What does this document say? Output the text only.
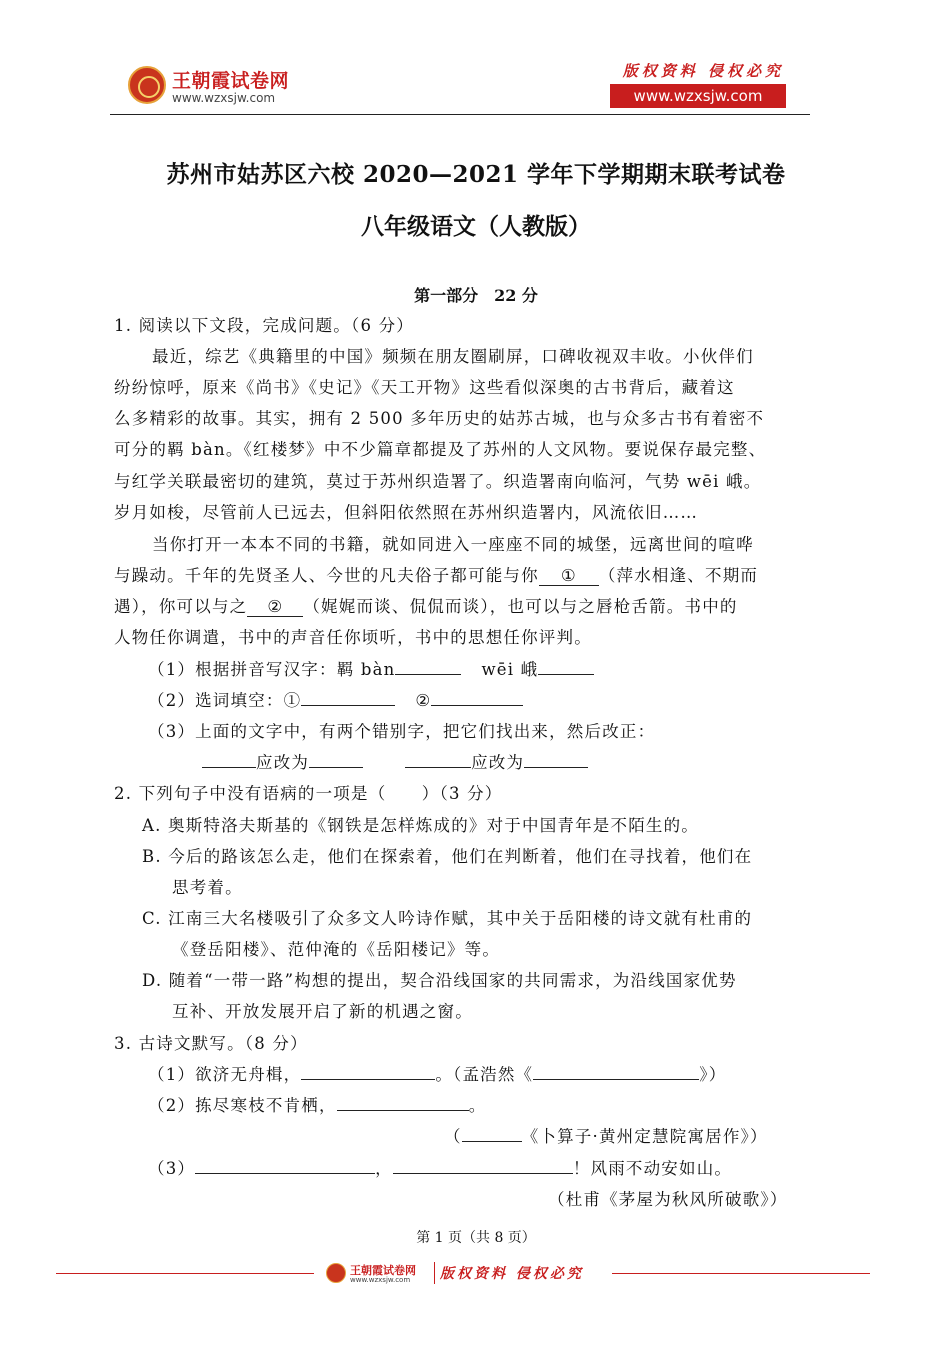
王朝霞试卷网
www.wzxsjw.com
版权资料 侵权必究
www.wzxsjw.com
苏州市姑苏区六校 2020—2021 学年下学期期末联考试卷
八年级语文（人教版）
第一部分　22 分
1. 阅读以下文段，完成问题。（6 分）
最近，综艺《典籍里的中国》频频在朋友圈刷屏，口碑收视双丰收。小伙伴们
纷纷惊呼，原来《尚书》《史记》《天工开物》这些看似深奥的古书背后，藏着这
么多精彩的故事。其实，拥有 2 500 多年历史的姑苏古城，也与众多古书有着密不
可分的羁 bàn。《红楼梦》中不少篇章都提及了苏州的人文风物。要说保存最完整、
与红学关联最密切的建筑，莫过于苏州织造署了。织造署南向临河，气势 wēi 峨。
岁月如梭，尽管前人已远去，但斜阳依然照在苏州织造署内，风流依旧……
当你打开一本本不同的书籍，就如同进入一座座不同的城堡，远离世间的喧哗
与躁动。千年的先贤圣人、今世的凡夫俗子都可能与你 ① （萍水相逢、不期而
遇），你可以与之 ② （娓娓而谈、侃侃而谈），也可以与之唇枪舌箭。书中的
人物任你调遣，书中的声音任你顷听，书中的思想任你评判。
（1）根据拼音写汉字：羁 bàn	wēi 峨
（2）选词填空：①	②
（3）上面的文字中，有两个错别字，把它们找出来，然后改正：
应改为	应改为
2. 下列句子中没有语病的一项是（　　）（3 分）
A. 奥斯特洛夫斯基的《钢铁是怎样炼成的》对于中国青年是不陌生的。
B. 今后的路该怎么走，他们在探索着，他们在判断着，他们在寻找着，他们在
思考着。
C. 江南三大名楼吸引了众多文人吟诗作赋，其中关于岳阳楼的诗文就有杜甫的
《登岳阳楼》、范仲淹的《岳阳楼记》等。
D. 随着“一带一路”构想的提出，契合沿线国家的共同需求，为沿线国家优势
互补、开放发展开启了新的机遇之窗。
3. 古诗文默写。（8 分）
（1）欲济无舟楫，	。（孟浩然《	》）
（2）拣尽寒枝不肯栖，	。
（	《卜算子·黄州定慧院寓居作》）
（3）	，	！风雨不动安如山。
（杜甫《茅屋为秋风所破歌》）
第 1 页（共 8 页）
王朝霞试卷网
www.wzxsjw.com 版权资料 侵权必究
